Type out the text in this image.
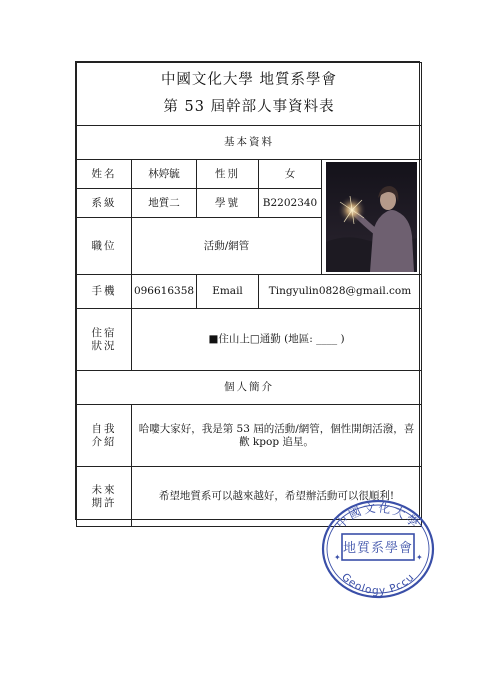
中國文化大學 地質系學會
第 53 屆幹部人事資料表				

基本資料				
姓名	林婷毓	性別	女	

系級	地質二	學號	B2202340	
職位	活動/網管			
手機	096616358	Email	Tingyulin0828@gmail.com	

住宿
狀況	■住山上□通勤 (地區: ____ )			
個人簡介				

自我
介紹	哈嘍大家好，我是第 53 屆的活動/網管，個性開朗活潑，喜歡 kpop 追星。			

未來
期許	希望地質系可以越來越好，希望辦活動可以很順利!			
中國文化大學
地質系學會
Geology Pccu
✦	✦
